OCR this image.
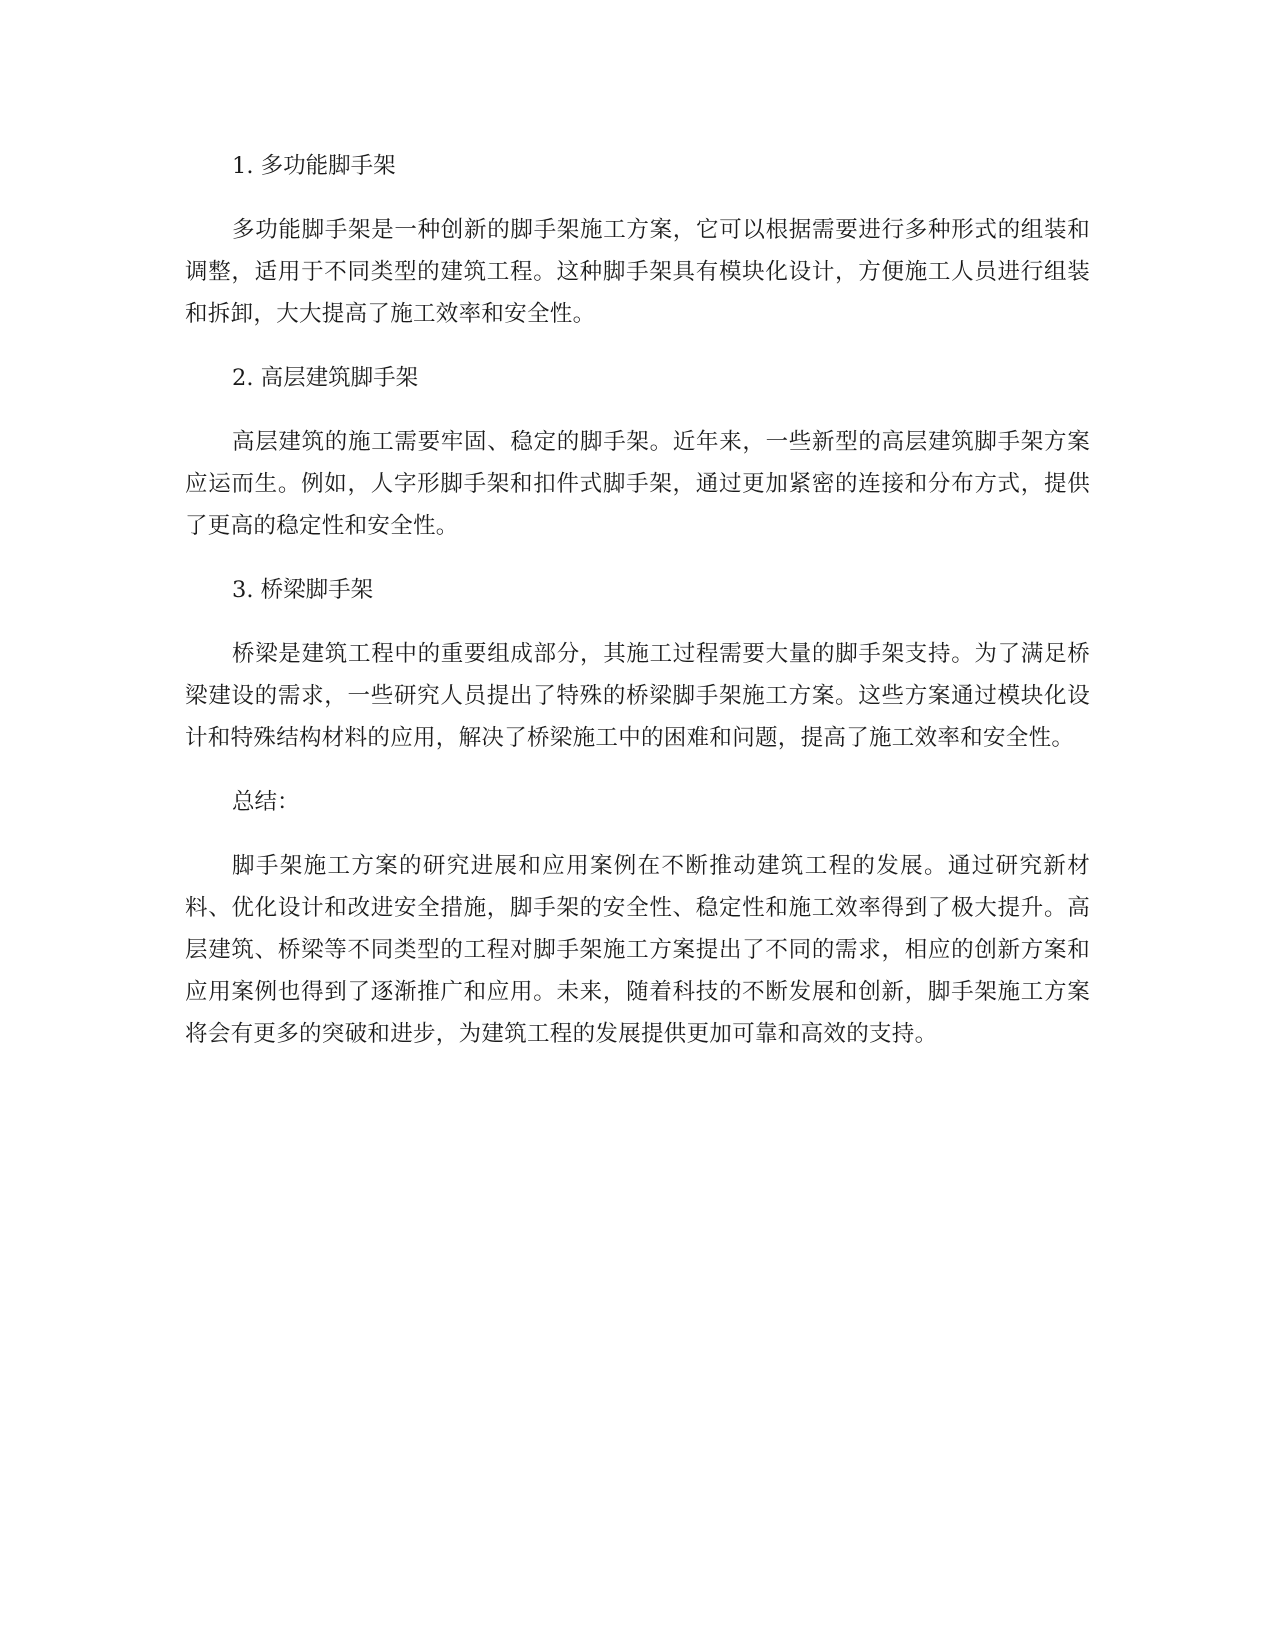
1. 多功能脚手架

多功能脚手架是一种创新的脚手架施工方案，它可以根据需要进行多种形式的组装和调整，适用于不同类型的建筑工程。这种脚手架具有模块化设计，方便施工人员进行组装和拆卸，大大提高了施工效率和安全性。

2. 高层建筑脚手架

高层建筑的施工需要牢固、稳定的脚手架。近年来，一些新型的高层建筑脚手架方案应运而生。例如，人字形脚手架和扣件式脚手架，通过更加紧密的连接和分布方式，提供了更高的稳定性和安全性。

3. 桥梁脚手架

桥梁是建筑工程中的重要组成部分，其施工过程需要大量的脚手架支持。为了满足桥梁建设的需求，一些研究人员提出了特殊的桥梁脚手架施工方案。这些方案通过模块化设计和特殊结构材料的应用，解决了桥梁施工中的困难和问题，提高了施工效率和安全性。

总结：

脚手架施工方案的研究进展和应用案例在不断推动建筑工程的发展。通过研究新材料、优化设计和改进安全措施，脚手架的安全性、稳定性和施工效率得到了极大提升。高层建筑、桥梁等不同类型的工程对脚手架施工方案提出了不同的需求，相应的创新方案和应用案例也得到了逐渐推广和应用。未来，随着科技的不断发展和创新，脚手架施工方案将会有更多的突破和进步，为建筑工程的发展提供更加可靠和高效的支持。
